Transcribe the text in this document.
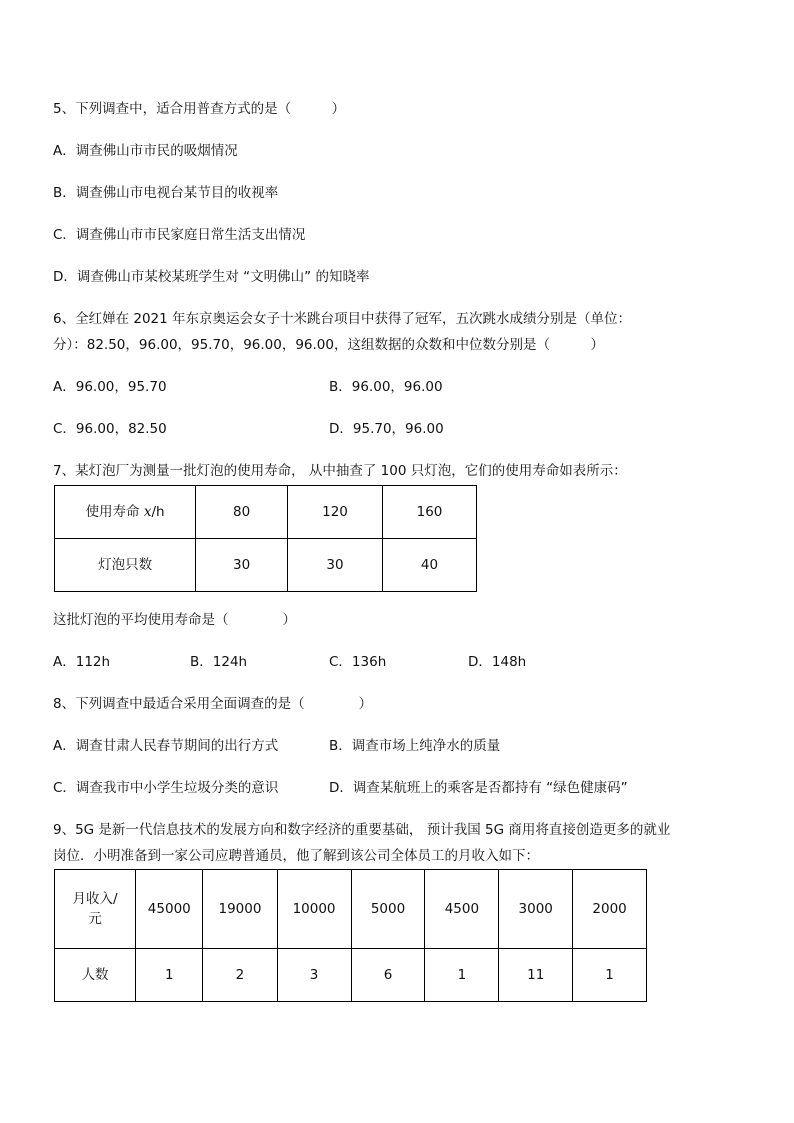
5、下列调查中，适合用普查方式的是（　　　）
A．调查佛山市市民的吸烟情况
B．调查佛山市电视台某节目的收视率
C．调查佛山市市民家庭日常生活支出情况
D．调查佛山市某校某班学生对 “文明佛山” 的知晓率
6、全红婵在 2021 年东京奥运会女子十米跳台项目中获得了冠军，五次跳水成绩分别是（单位：
分）：82.50，96.00，95.70，96.00，96.00，这组数据的众数和中位数分别是（　　　）
A．96.00，95.70	B．96.00，96.00
C．96.00，82.50	D．95.70，96.00
7、某灯泡厂为测量一批灯泡的使用寿命， 从中抽查了 100 只灯泡，它们的使用寿命如表所示：
使用寿命 x/h	80	120	160
灯泡只数	30	30	40
这批灯泡的平均使用寿命是（　　　　）
A．112h	B．124h	C．136h	D．148h
8、下列调查中最适合采用全面调查的是（　　　　）
A．调查甘肃人民春节期间的出行方式	B．调查市场上纯净水的质量
C．调查我市中小学生垃圾分类的意识	D．调查某航班上的乘客是否都持有 “绿色健康码”
9、5G 是新一代信息技术的发展方向和数字经济的重要基础， 预计我国 5G 商用将直接创造更多的就业
岗位．小明准备到一家公司应聘普通员，他了解到该公司全体员工的月收入如下：
月收入/
元	45000	19000	10000	5000	4500	3000	2000
人数	1	2	3	6	1	11	1
